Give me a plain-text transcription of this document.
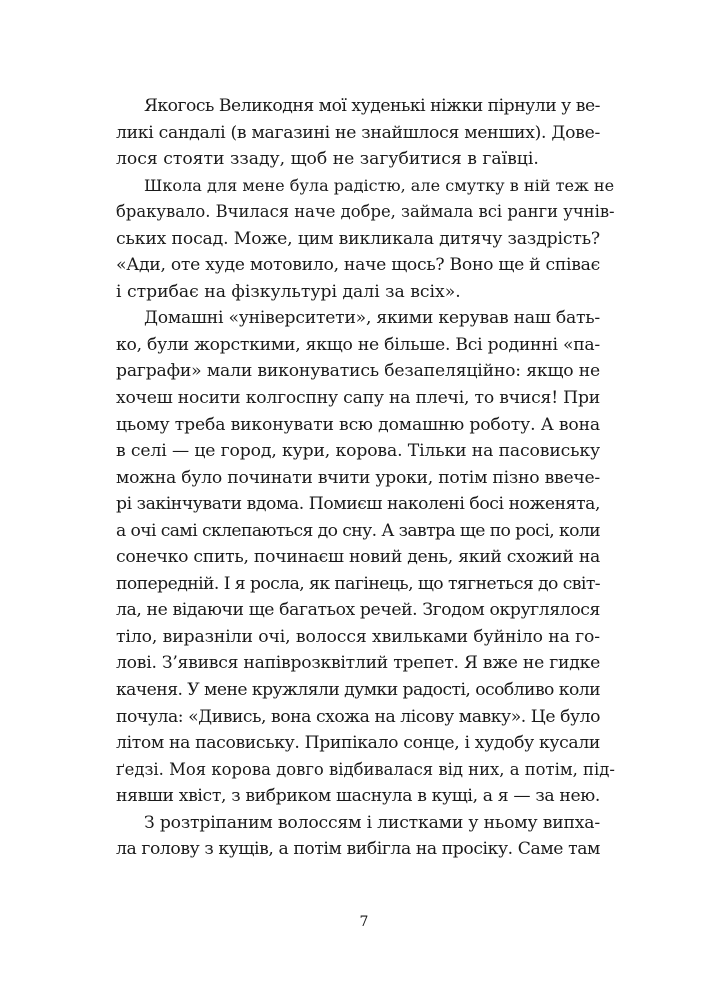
Якогось Великодня мої худенькі ніжки пірнули у ве-
ликі сандалі (в магазині не знайшлося менших). Дове-
лося стояти ззаду, щоб не загубитися в гаївці.
Школа для мене була радістю, але смутку в ній теж не
бракувало. Вчилася наче добре, займала всі ранги учнів-
ських посад. Може, цим викликала дитячу заздрість?
«Ади, оте худе мотовило, наче щось? Воно ще й співає
і стрибає на фізкультурі далі за всіх».
Домашні «університети», якими керував наш бать-
ко, були жорсткими, якщо не більше. Всі родинні «па-
раграфи» мали виконуватись безапеляційно: якщо не
хочеш носити колгоспну сапу на плечі, то вчися! При
цьому треба виконувати всю домашню роботу. А вона
в селі — це город, кури, корова. Тільки на пасовиську
можна було починати вчити уроки, потім пізно ввече-
рі закінчувати вдома. Помиєш наколені босі ноженята,
а очі самі склепаються до сну. А завтра ще по росі, коли
сонечко спить, починаєш новий день, який схожий на
попередній. І я росла, як пагінець, що тягнеться до світ-
ла, не відаючи ще багатьох речей. Згодом округлялося
тіло, виразніли очі, волосся хвильками буйніло на го-
лові. З’явився напіврозквітлий трепет. Я вже не гидке
каченя. У мене кружляли думки радості, особливо коли
почула: «Дивись, вона схожа на лісову мавку». Це було
літом на пасовиську. Припікало сонце, і худобу кусали
ґедзі. Моя корова довго відбивалася від них, а потім, під-
нявши хвіст, з вибриком шаснула в кущі, а я — за нею.
З розтріпаним волоссям і листками у ньому випха-
ла голову з кущів, а потім вибігла на просіку. Саме там
7
